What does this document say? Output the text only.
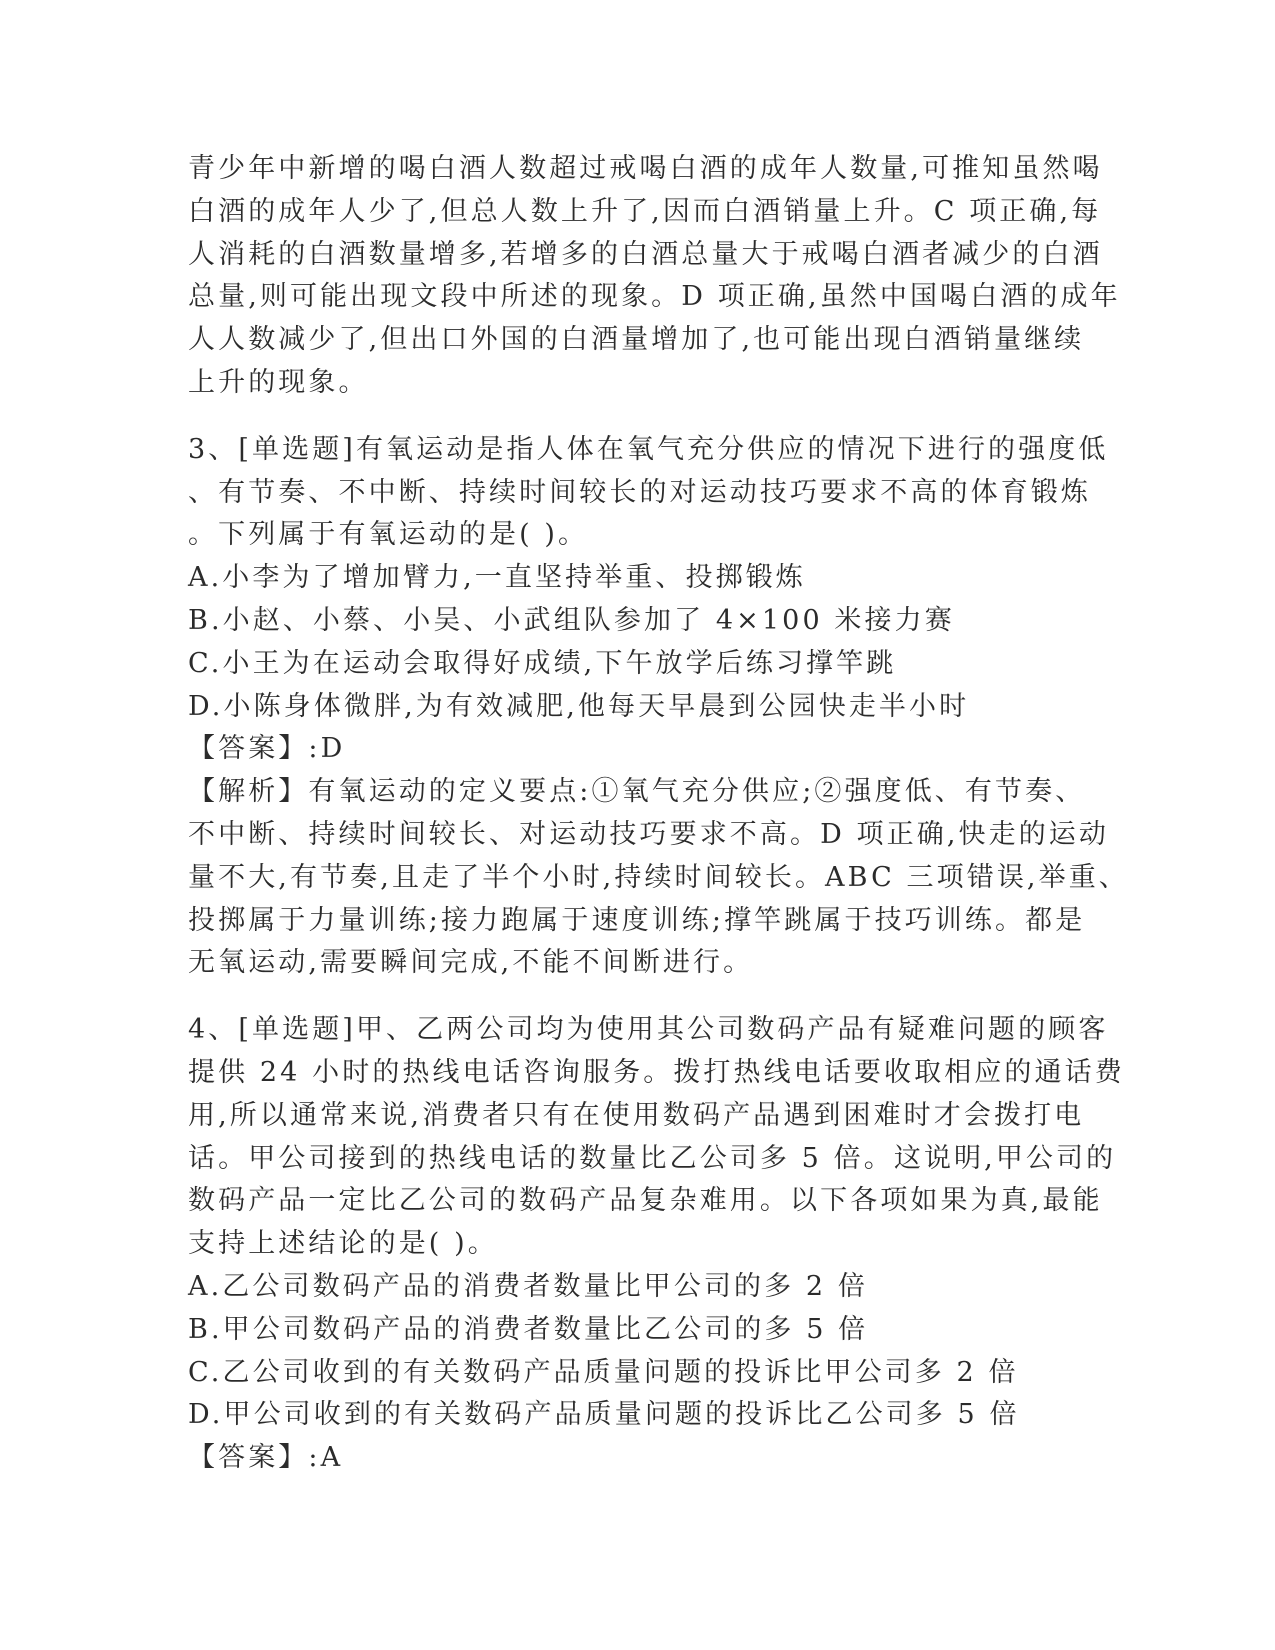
青少年中新增的喝白酒人数超过戒喝白酒的成年人数量,可推知虽然喝
白酒的成年人少了,但总人数上升了,因而白酒销量上升。C 项正确,每
人消耗的白酒数量增多,若增多的白酒总量大于戒喝白酒者减少的白酒
总量,则可能出现文段中所述的现象。D 项正确,虽然中国喝白酒的成年
人人数减少了,但出口外国的白酒量增加了,也可能出现白酒销量继续
上升的现象。
3、[单选题]有氧运动是指人体在氧气充分供应的情况下进行的强度低
、有节奏、不中断、持续时间较长的对运动技巧要求不高的体育锻炼
。下列属于有氧运动的是( )。
A.小李为了增加臂力,一直坚持举重、投掷锻炼
B.小赵、小蔡、小吴、小武组队参加了 4×100 米接力赛
C.小王为在运动会取得好成绩,下午放学后练习撑竿跳
D.小陈身体微胖,为有效减肥,他每天早晨到公园快走半小时
【答案】:D
【解析】有氧运动的定义要点:①氧气充分供应;②强度低、有节奏、
不中断、持续时间较长、对运动技巧要求不高。D 项正确,快走的运动
量不大,有节奏,且走了半个小时,持续时间较长。ABC 三项错误,举重、
投掷属于力量训练;接力跑属于速度训练;撑竿跳属于技巧训练。都是
无氧运动,需要瞬间完成,不能不间断进行。
4、[单选题]甲、乙两公司均为使用其公司数码产品有疑难问题的顾客
提供 24 小时的热线电话咨询服务。拨打热线电话要收取相应的通话费
用,所以通常来说,消费者只有在使用数码产品遇到困难时才会拨打电
话。甲公司接到的热线电话的数量比乙公司多 5 倍。这说明,甲公司的
数码产品一定比乙公司的数码产品复杂难用。以下各项如果为真,最能
支持上述结论的是( )。
A.乙公司数码产品的消费者数量比甲公司的多 2 倍
B.甲公司数码产品的消费者数量比乙公司的多 5 倍
C.乙公司收到的有关数码产品质量问题的投诉比甲公司多 2 倍
D.甲公司收到的有关数码产品质量问题的投诉比乙公司多 5 倍
【答案】:A
